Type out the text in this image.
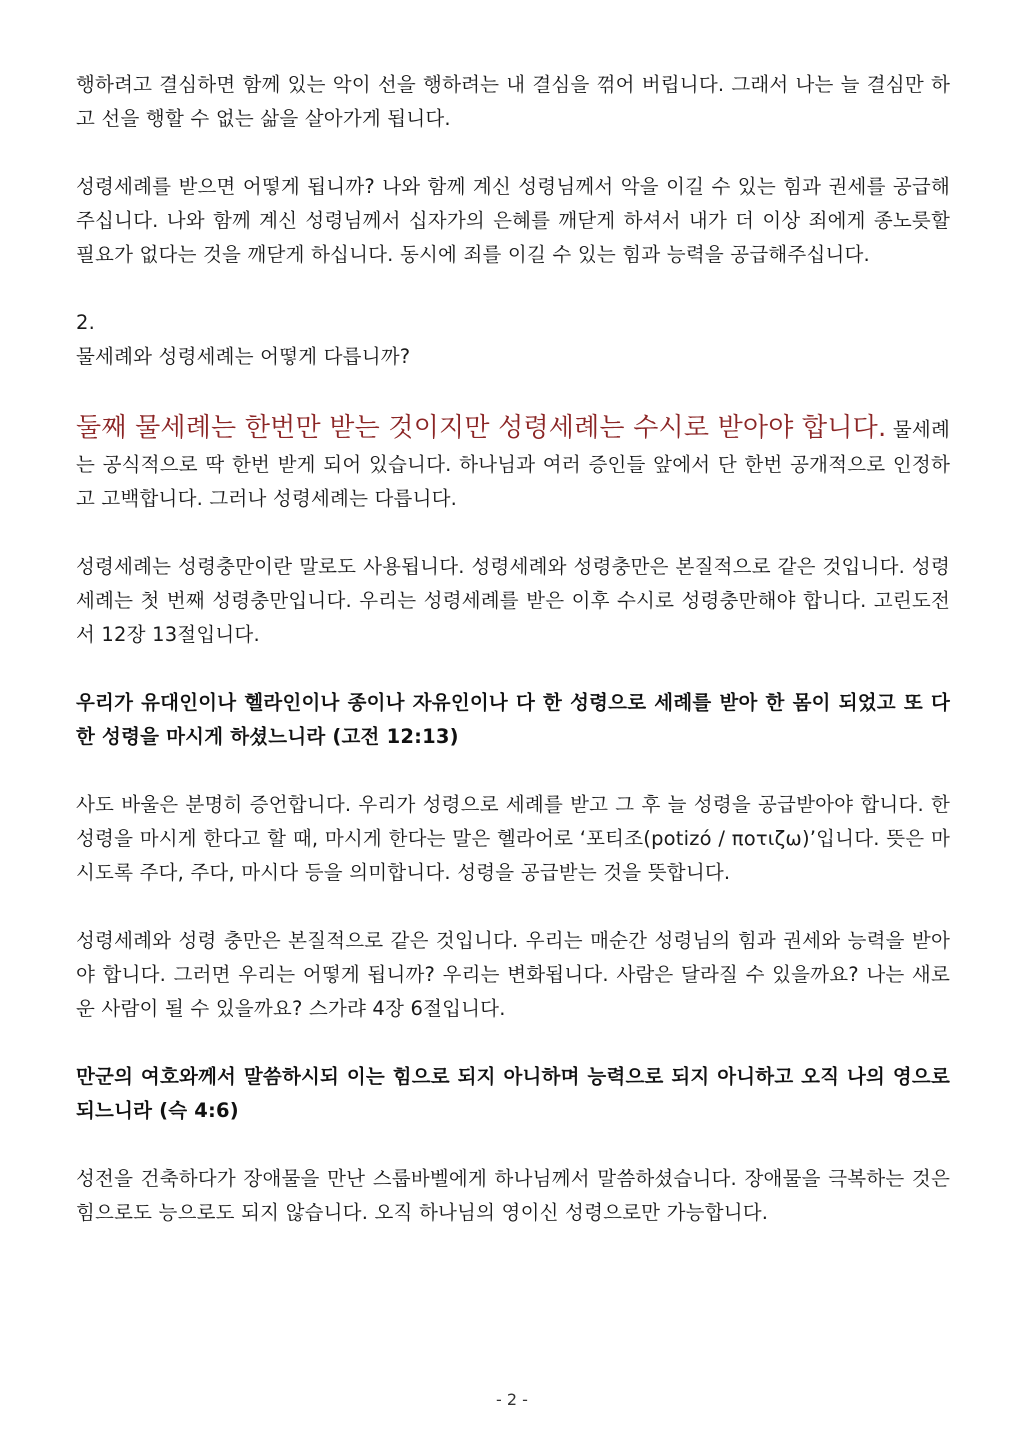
행하려고 결심하면 함께 있는 악이 선을 행하려는 내 결심을 꺾어 버립니다. 그래서 나는 늘 결심만 하고 선을 행할 수 없는 삶을 살아가게 됩니다.

성령세례를 받으면 어떻게 됩니까? 나와 함께 계신 성령님께서 악을 이길 수 있는 힘과 권세를 공급해주십니다. 나와 함께 계신 성령님께서 십자가의 은혜를 깨닫게 하셔서 내가 더 이상 죄에게 종노릇할 필요가 없다는 것을 깨닫게 하십니다. 동시에 죄를 이길 수 있는 힘과 능력을 공급해주십니다.

2.

물세례와 성령세례는 어떻게 다릅니까?

둘째 물세례는 한번만 받는 것이지만 성령세례는 수시로 받아야 합니다. 물세례는 공식적으로 딱 한번 받게 되어 있습니다. 하나님과 여러 증인들 앞에서 단 한번 공개적으로 인정하고 고백합니다. 그러나 성령세례는 다릅니다.

성령세례는 성령충만이란 말로도 사용됩니다. 성령세례와 성령충만은 본질적으로 같은 것입니다. 성령세례는 첫 번째 성령충만입니다. 우리는 성령세례를 받은 이후 수시로 성령충만해야 합니다. 고린도전서 12장 13절입니다.

우리가 유대인이나 헬라인이나 종이나 자유인이나 다 한 성령으로 세례를 받아 한 몸이 되었고 또 다 한 성령을 마시게 하셨느니라 (고전 12:13)

사도 바울은 분명히 증언합니다. 우리가 성령으로 세례를 받고 그 후 늘 성령을 공급받아야 합니다. 한 성령을 마시게 한다고 할 때, 마시게 한다는 말은 헬라어로 ‘포티조(potizó / ποτιζω)’입니다. 뜻은 마시도록 주다, 주다, 마시다 등을 의미합니다. 성령을 공급받는 것을 뜻합니다.

성령세례와 성령 충만은 본질적으로 같은 것입니다. 우리는 매순간 성령님의 힘과 권세와 능력을 받아야 합니다. 그러면 우리는 어떻게 됩니까? 우리는 변화됩니다. 사람은 달라질 수 있을까요? 나는 새로운 사람이 될 수 있을까요? 스가랴 4장 6절입니다.

만군의 여호와께서 말씀하시되 이는 힘으로 되지 아니하며 능력으로 되지 아니하고 오직 나의 영으로 되느니라 (슥 4:6)

성전을 건축하다가 장애물을 만난 스룹바벨에게 하나님께서 말씀하셨습니다. 장애물을 극복하는 것은 힘으로도 능으로도 되지 않습니다. 오직 하나님의 영이신 성령으로만 가능합니다.

- 2 -
